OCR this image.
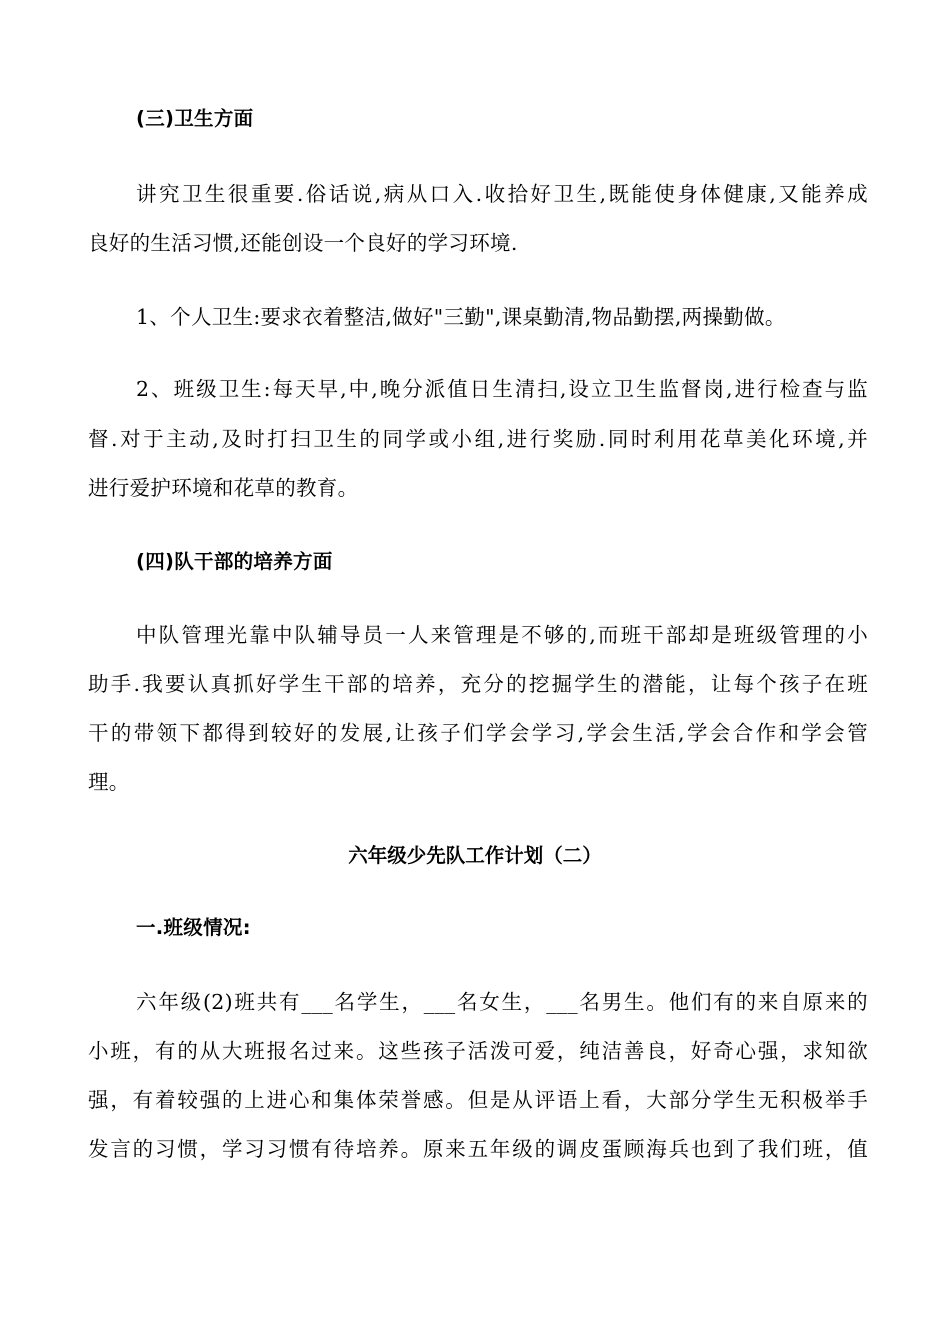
(三)卫生方面
讲究卫生很重要.俗话说,病从口入.收拾好卫生,既能使身体健康,又能养成
良好的生活习惯,还能创设一个良好的学习环境.
1、个人卫生:要求衣着整洁,做好"三勤",课桌勤清,物品勤摆,两操勤做。
2、班级卫生:每天早,中,晚分派值日生清扫,设立卫生监督岗,进行检查与监
督.对于主动,及时打扫卫生的同学或小组,进行奖励.同时利用花草美化环境,并
进行爱护环境和花草的教育。
(四)队干部的培养方面
中队管理光靠中队辅导员一人来管理是不够的,而班干部却是班级管理的小
助手.我要认真抓好学生干部的培养，充分的挖掘学生的潜能，让每个孩子在班
干的带领下都得到较好的发展,让孩子们学会学习,学会生活,学会合作和学会管
理。
六年级少先队工作计划（二）
一.班级情况:
六年级(2)班共有___名学生，___名女生，___名男生。他们有的来自原来的
小班，有的从大班报名过来。这些孩子活泼可爱，纯洁善良，好奇心强，求知欲
强，有着较强的上进心和集体荣誉感。但是从评语上看，大部分学生无积极举手
发言的习惯，学习习惯有待培养。原来五年级的调皮蛋顾海兵也到了我们班，值
